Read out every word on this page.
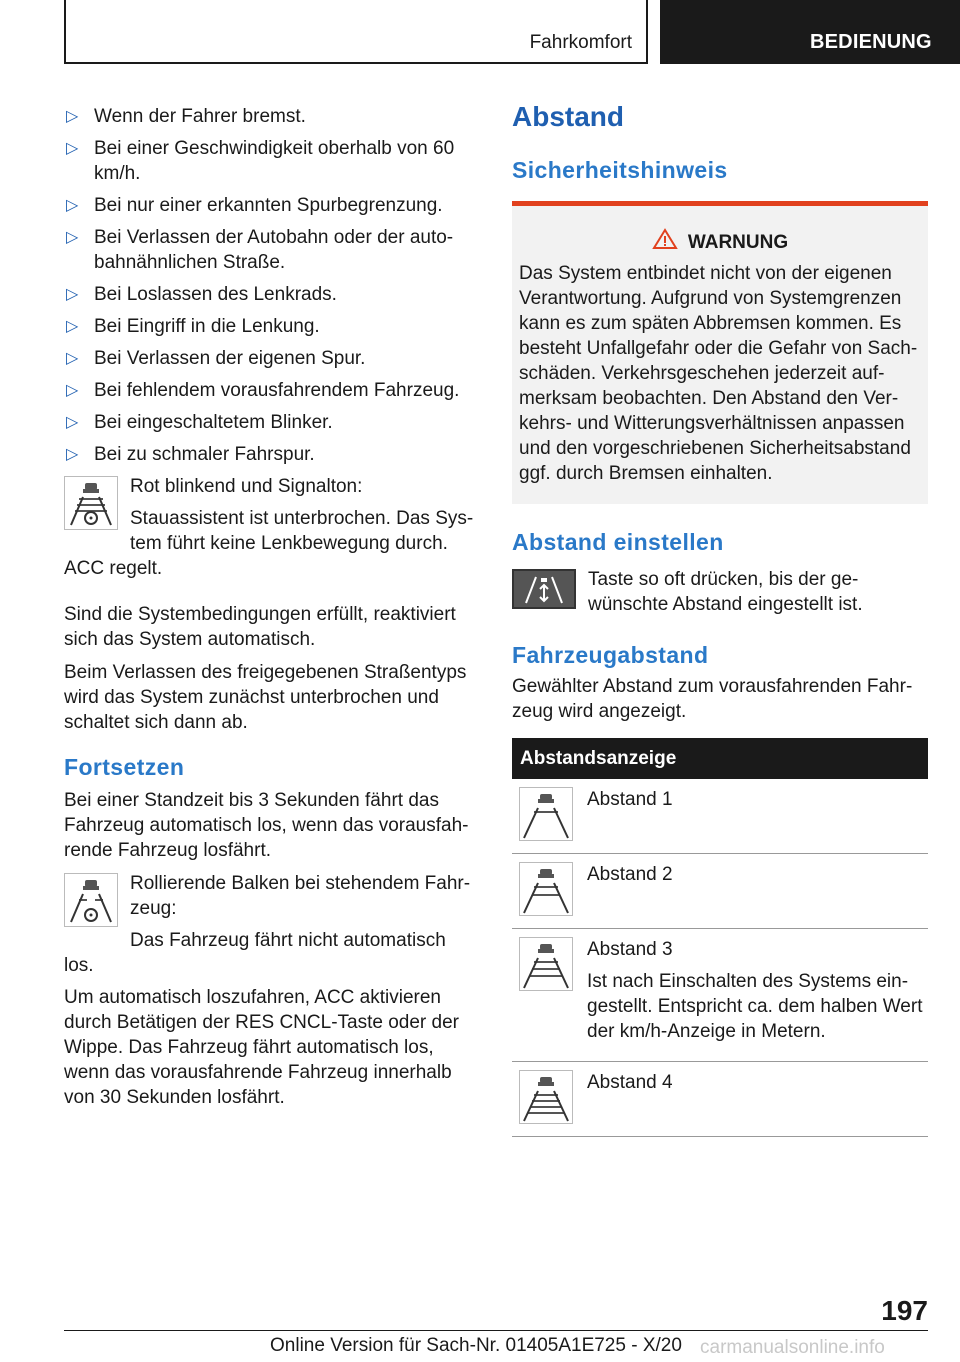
Fahrkomfort	BEDIENUNG
▷ Wenn der Fahrer bremst.
▷ Bei einer Geschwindigkeit oberhalb von 60 km/h.
▷ Bei nur einer erkannten Spurbegrenzung.
▷ Bei Verlassen der Autobahn oder der auto-bahnähnlichen Straße.
▷ Bei Loslassen des Lenkrads.
▷ Bei Eingriff in die Lenkung.
▷ Bei Verlassen der eigenen Spur.
▷ Bei fehlendem vorausfahrendem Fahrzeug.
▷ Bei eingeschaltetem Blinker.
▷ Bei zu schmaler Fahrspur.

Rot blinkend und Signalton:

Stauassistent ist unterbrochen. Das Sys-tem führt keine Lenkbewegung durch. ACC regelt.

Sind die Systembedingungen erfüllt, reaktiviert sich das System automatisch.

Beim Verlassen des freigegebenen Straßentyps wird das System zunächst unterbrochen und schaltet sich dann ab.

Fortsetzen

Bei einer Standzeit bis 3 Sekunden fährt das Fahrzeug automatisch los, wenn das vorausfah-rende Fahrzeug losfährt.

Rollierende Balken bei stehendem Fahr-zeug:

Das Fahrzeug fährt nicht automatisch los.

Um automatisch loszufahren, ACC aktivieren durch Betätigen der RES CNCL-Taste oder der Wippe. Das Fahrzeug fährt automatisch los, wenn das vorausfahrende Fahrzeug innerhalb von 30 Sekunden losfährt.

Abstand
Sicherheitshinweis
WARNUNG

Das System entbindet nicht von der eigenen Verantwortung. Aufgrund von Systemgrenzen kann es zum späten Abbremsen kommen. Es besteht Unfallgefahr oder die Gefahr von Sach-schäden. Verkehrsgeschehen jederzeit auf-merksam beobachten. Den Abstand den Ver-kehrs- und Witterungsverhältnissen anpassen und den vorgeschriebenen Sicherheitsabstand ggf. durch Bremsen einhalten.

Abstand einstellen
Taste so oft drücken, bis der ge-wünschte Abstand eingestellt ist.
Fahrzeugabstand

Gewählter Abstand zum vorausfahrenden Fahr-zeug wird angezeigt.

Abstandsanzeige	

Abstand 1

Abstand 2

Abstand 3

Ist nach Einschalten des Systems ein-gestellt. Entspricht ca. dem halben Wert der km/h-Anzeige in Metern.

Abstand 4

197
Online Version für Sach-Nr. 01405A1E725 - X/20 carmanualsonline.info
